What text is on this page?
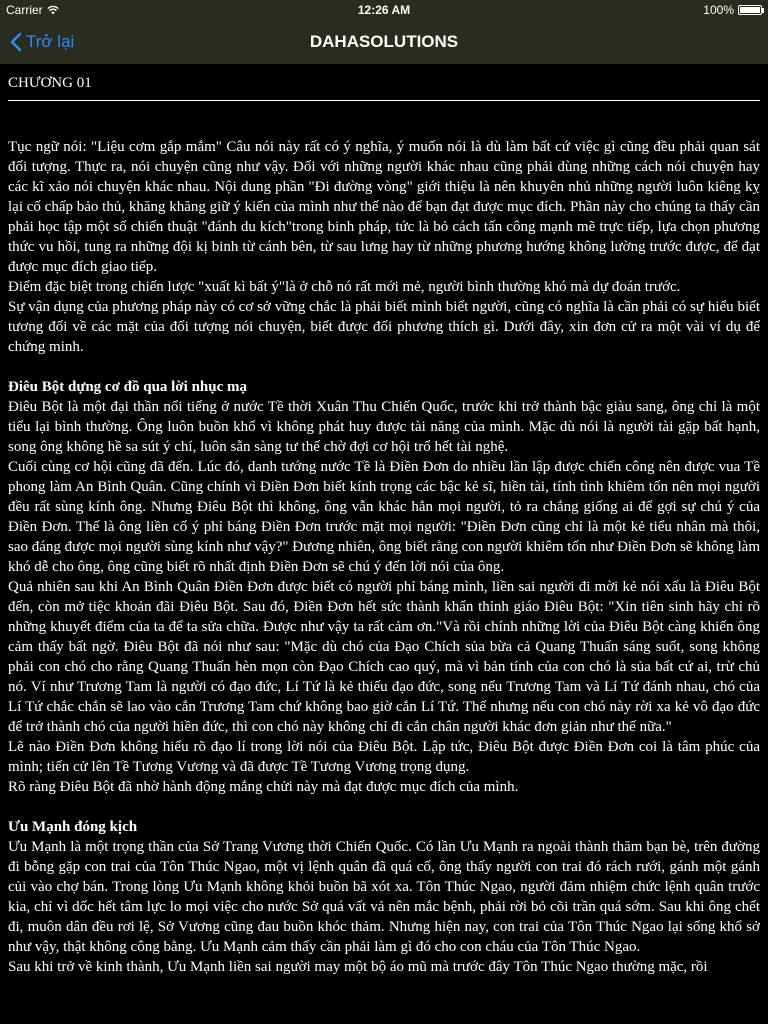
Carrier	12:26 AM	100%
Trở lại	DAHASOLUTIONS
CHƯƠNG 01

Tục ngữ nói: "Liệu cơm gắp mắm" Câu nói này rất có ý nghĩa, ý muốn nói là dù làm bất cứ việc gì cũng đều phải quan sát đối tượng. Thực ra, nói chuyện cũng như vậy. Đối với những người khác nhau cũng phải dùng những cách nói chuyện hay các kĩ xảo nói chuyện khác nhau. Nội dung phần "Đi đường vòng" giới thiệu là nên khuyên nhủ những người luôn kiêng kỵ lại cố chấp bảo thủ, khăng khăng giữ ý kiến của mình như thế nào để bạn đạt được mục đích. Phần này cho chúng ta thấy cần phải học tập một số chiến thuật "đánh du kích"trong binh pháp, tức là bỏ cách tấn công mạnh mẽ trực tiếp, lựa chọn phương thức vu hồi, tung ra những đội kị binh từ cánh bên, từ sau lưng hay từ những phương hướng không lường trước được, để đạt được mục đích giao tiếp.

Điểm đặc biệt trong chiến lược "xuất kì bất ý"là ở chỗ nó rất mới mẻ, người bình thường khó mà dự đoán trước.

Sự vận dụng của phương pháp này có cơ sở vững chắc là phải biết mình biết người, cũng có nghĩa là cần phải có sự hiểu biết tương đối về các mặt của đối tượng nói chuyện, biết được đối phương thích gì. Dưới đây, xin đơn cử ra một vài ví dụ để chứng minh.

Điêu Bột dựng cơ đồ qua lời nhục mạ

Điêu Bột là một đại thần nổi tiếng ở nước Tề thời Xuân Thu Chiến Quốc, trước khi trở thành bậc giàu sang, ông chỉ là một tiểu lại bình thường. Ông luôn buồn khổ vì không phát huy được tài năng của mình. Mặc dù nói là người tài gặp bất hạnh, song ông không hề sa sút ý chí, luôn sẵn sàng tư thế chờ đợi cơ hội trổ hết tài nghệ.

Cuối cùng cơ hội cũng đã đến. Lúc đó, danh tướng nước Tề là Điền Đơn do nhiều lần lập được chiến công nên được vua Tề phong làm An Bình Quân. Cũng chính vì Điền Đơn biết kính trọng các bậc kẻ sĩ, hiền tài, tính tình khiêm tốn nên mọi người đều rất sùng kính ông. Nhưng Điêu Bột thì không, ông vẫn khác hẳn mọi người, tỏ ra chẳng giống ai để gợi sự chú ý của Điền Đơn. Thế là ông liền cố ý phỉ báng Điền Đơn trước mặt mọi người: "Điền Đơn cũng chỉ là một kẻ tiểu nhân mà thôi, sao đáng được mọi người sùng kính như vậy?" Đương nhiên, ông biết rằng con người khiêm tốn như Điền Đơn sẽ không làm khó dễ cho ông, ông cũng biết rõ nhất định Điền Đơn sẽ chú ý đến lời nói của ông.

Quả nhiên sau khi An Bình Quân Điền Đơn được biết có người phỉ báng mình, liền sai người đi mời kẻ nói xấu là Điêu Bột đến, còn mở tiệc khoản đãi Điêu Bột. Sau đó, Điền Đơn hết sức thành khẩn thỉnh giáo Điêu Bột: "Xin tiên sinh hãy chỉ rõ những khuyết điểm của ta để ta sửa chữa. Được như vậy ta rất cảm ơn."Và rồi chính những lời của Điêu Bột càng khiến ông cảm thấy bất ngờ. Điêu Bột đã nói như sau: "Mặc dù chó của Đạo Chích sủa bừa cả Quang Thuấn sáng suốt, song không phải con chó cho rằng Quang Thuấn hèn mọn còn Đạo Chích cao quý, mà vì bản tính của con chó là sủa bất cứ ai, trừ chủ nó. Ví như Trương Tam là người có đạo đức, Lí Tứ là kẻ thiếu đạo đức, song nếu Trương Tam và Lí Tứ đánh nhau, chó của Lí Tứ chắc chắn sẽ lao vào cắn Trương Tam chứ không bao giờ cắn Lí Tứ. Thế nhưng nếu con chó này rời xa kẻ vô đạo đức để trở thành chó của người hiền đức, thì con chó này không chỉ đi cắn chân người khác đơn giản như thế nữa."

Lẽ nào Điền Đơn không hiểu rõ đạo lí trong lời nói của Điêu Bột. Lập tức, Điêu Bột được Điền Đơn coi là tâm phúc của mình; tiến cử lên Tề Tương Vương và đã được Tề Tương Vương trọng dụng.

Rõ ràng Điêu Bột đã nhờ hành động mắng chửi này mà đạt được mục đích của mình.

Ưu Mạnh đóng kịch

Ưu Mạnh là một trọng thần của Sở Trang Vương thời Chiến Quốc. Có lần Ưu Mạnh ra ngoài thành thăm bạn bè, trên đường đi bỗng gặp con trai của Tôn Thúc Ngao, một vị lệnh quân đã quá cố, ông thấy người con trai đó rách rưới, gánh một gánh củi vào chợ bán. Trong lòng Ưu Mạnh không khỏi buồn bã xót xa. Tôn Thúc Ngao, người đảm nhiệm chức lệnh quân trước kia, chỉ vì dốc hết tâm lực lo mọi việc cho nước Sở quá vất vả nên mắc bệnh, phải rời bỏ cõi trần quá sớm. Sau khi ông chết đi, muôn dân đều rơi lệ, Sở Vương cũng đau buồn khóc thảm. Nhưng hiện nay, con trai của Tôn Thúc Ngao lại sống khổ sở như vậy, thật không công bằng. Ưu Mạnh cảm thấy cần phải làm gì đó cho con cháu của Tôn Thúc Ngao.

Sau khi trở về kinh thành, Ưu Mạnh liền sai người may một bộ áo mũ mà trước đây Tôn Thúc Ngao thường mặc, rồi
